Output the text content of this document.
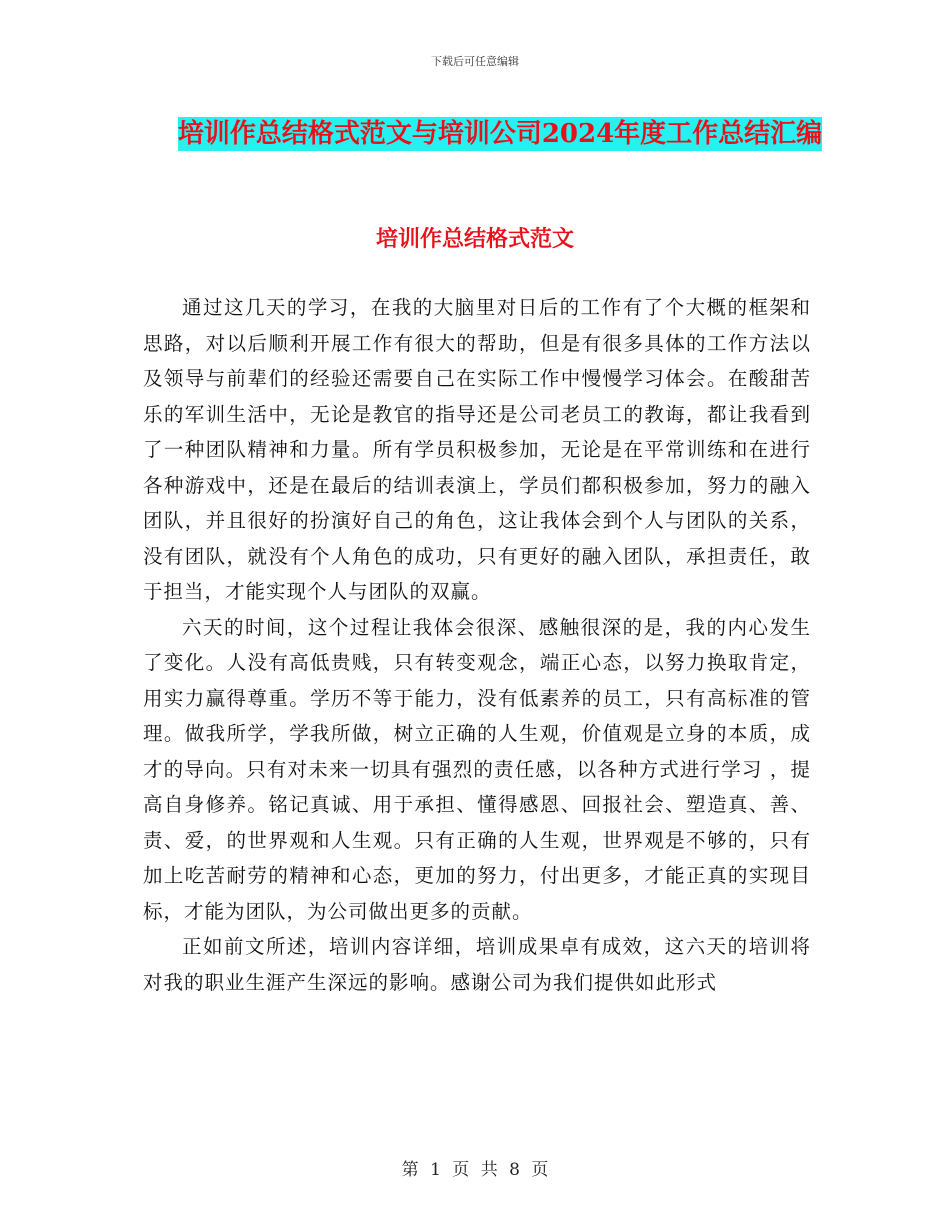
下载后可任意编辑
培训作总结格式范文与培训公司2024年度工作总结汇编
培训作总结格式范文

通过这几天的学习，在我的大脑里对日后的工作有了个大概的框架和思路，对以后顺利开展工作有很大的帮助，但是有很多具体的工作方法以及领导与前辈们的经验还需要自己在实际工作中慢慢学习体会。在酸甜苦乐的军训生活中，无论是教官的指导还是公司老员工的教诲，都让我看到了一种团队精神和力量。所有学员积极参加，无论是在平常训练和在进行各种游戏中，还是在最后的结训表演上，学员们都积极参加，努力的融入团队，并且很好的扮演好自己的角色，这让我体会到个人与团队的关系，没有团队，就没有个人角色的成功，只有更好的融入团队，承担责任，敢于担当，才能实现个人与团队的双赢。

六天的时间，这个过程让我体会很深、感触很深的是，我的内心发生了变化。人没有高低贵贱，只有转变观念，端正心态，以努力换取肯定，用实力赢得尊重。学历不等于能力，没有低素养的员工，只有高标准的管理。做我所学，学我所做，树立正确的人生观，价值观是立身的本质，成才的导向。只有对未来一切具有强烈的责任感，以各种方式进行学习 ，提高自身修养。铭记真诚、用于承担、懂得感恩、回报社会、塑造真、善、责、爱，的世界观和人生观。只有正确的人生观，世界观是不够的，只有加上吃苦耐劳的精神和心态，更加的努力，付出更多，才能正真的实现目标，才能为团队，为公司做出更多的贡献。

正如前文所述，培训内容详细，培训成果卓有成效，这六天的培训将对我的职业生涯产生深远的影响。感谢公司为我们提供如此形式

第 1 页 共 8 页
